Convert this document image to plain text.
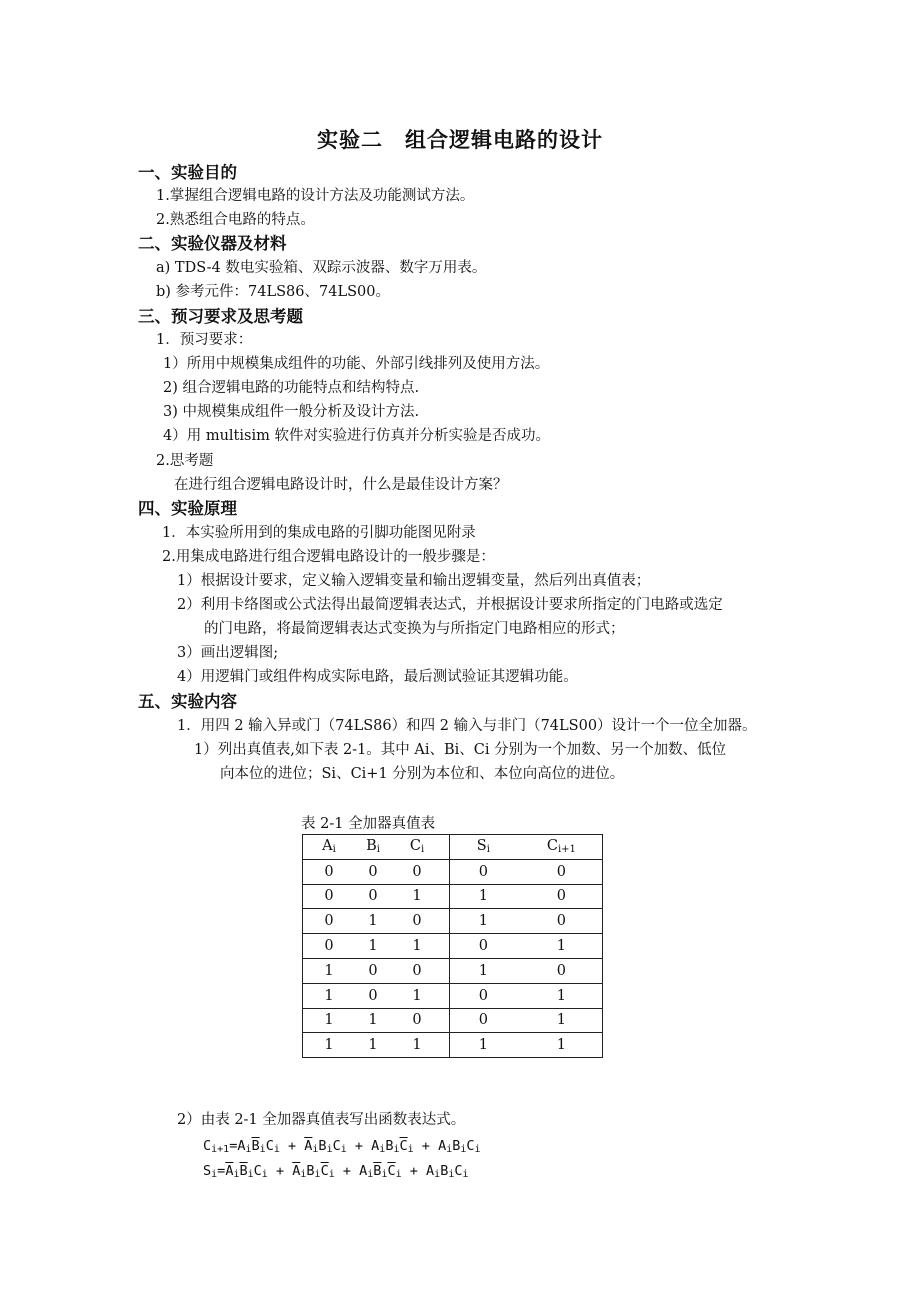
实验二　组合逻辑电路的设计
一、实验目的
1.掌握组合逻辑电路的设计方法及功能测试方法。
2.熟悉组合电路的特点。
二、实验仪器及材料
a) TDS-4 数电实验箱、双踪示波器、数字万用表。
b) 参考元件：74LS86、74LS00。
三、预习要求及思考题
1．预习要求：
1）所用中规模集成组件的功能、外部引线排列及使用方法。
2) 组合逻辑电路的功能特点和结构特点.
3) 中规模集成组件一般分析及设计方法.
4）用 multisim 软件对实验进行仿真并分析实验是否成功。
2.思考题
在进行组合逻辑电路设计时，什么是最佳设计方案？
四、实验原理
1．本实验所用到的集成电路的引脚功能图见附录
2.用集成电路进行组合逻辑电路设计的一般步骤是：
1）根据设计要求，定义输入逻辑变量和输出逻辑变量，然后列出真值表；
2）利用卡络图或公式法得出最简逻辑表达式，并根据设计要求所指定的门电路或选定
的门电路，将最简逻辑表达式变换为与所指定门电路相应的形式；
3）画出逻辑图;
4）用逻辑门或组件构成实际电路，最后测试验证其逻辑功能。
五、实验内容
1．用四 2 输入异或门（74LS86）和四 2 输入与非门（74LS00）设计一个一位全加器。
1）列出真值表,如下表 2-1。其中 Ai、Bi、Ci 分别为一个加数、另一个加数、低位
向本位的进位；Si、Ci+1 分别为本位和、本位向高位的进位。
表 2-1 全加器真值表
$A_i$ $B_i$ $C_i$	$S_i$ $C_{i+1}$
0 0 0	0 0
0 0 1	1 0
0 1 0	1 0
0 1 1	0 1
1 0 0	1 0
1 0 1	0 1
1 1 0	0 1
1 1 1	1 1
2）由表 2-1 全加器真值表写出函数表达式。
$C_{i+1}=A_i\overline{B}_iC_i + \overline{A}_iB_iC_i + A_iB_i\overline{C}_i + A_iB_iC_i$
$S_i=\overline{A}_i\overline{B}_iC_i + \overline{A}_iB_i\overline{C}_i + A_i\overline{B}_i\overline{C}_i + A_iB_iC_i$
